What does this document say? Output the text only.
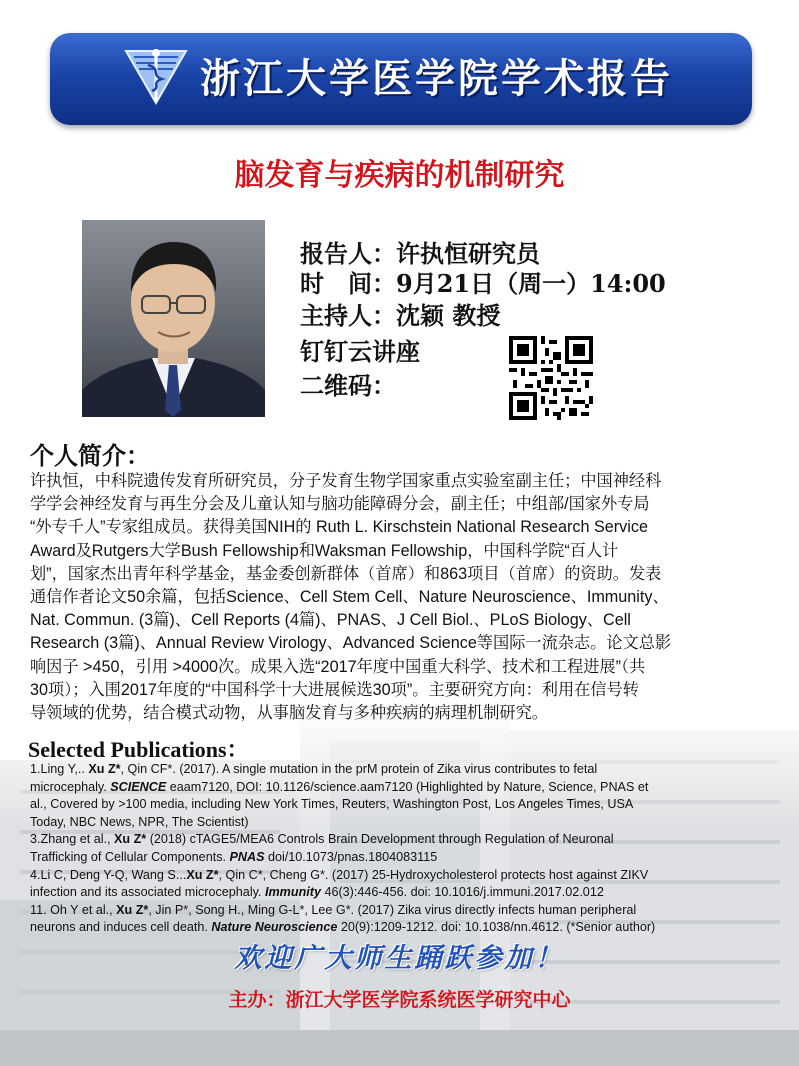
浙江大学医学院学术报告
脑发育与疾病的机制研究
报告人：许执恒研究员
时　间：9月21日（周一）14:00
主持人：沈颖 教授
钉钉云讲座
二维码：
个人简介：
许执恒，中科院遗传发育所研究员，分子发育生物学国家重点实验室副主任；中国神经科
学学会神经发育与再生分会及儿童认知与脑功能障碍分会，副主任；中组部/国家外专局
“外专千人”专家组成员。获得美国NIH的 Ruth L. Kirschstein National Research Service
Award及Rutgers大学Bush Fellowship和Waksman Fellowship，中国科学院“百人计
划”，国家杰出青年科学基金，基金委创新群体（首席）和863项目（首席）的资助。发表
通信作者论文50余篇，包括Science、Cell Stem Cell、Nature Neuroscience、Immunity、
Nat. Commun. (3篇)、Cell Reports (4篇)、PNAS、J Cell Biol.、PLoS Biology、Cell
Research (3篇)、Annual Review Virology、Advanced Science等国际一流杂志。论文总影
响因子 >450，引用 >4000次。成果入选“2017年度中国重大科学、技术和工程进展”（共
30项）；入围2017年度的“中国科学十大进展候选30项”。主要研究方向：利用在信号转
导领域的优势，结合模式动物，从事脑发育与多种疾病的病理机制研究。
Selected Publications：
1.Ling Y,.. Xu Z*, Qin CF*. (2017). A single mutation in the prM protein of Zika virus contributes to fetal
microcephaly. SCIENCE eaam7120, DOI: 10.1126/science.aam7120 (Highlighted by Nature, Science, PNAS et
al., Covered by >100 media, including New York Times, Reuters, Washington Post, Los Angeles Times, USA
Today, NBC News, NPR, The Scientist)
3.Zhang et al., Xu Z* (2018) cTAGE5/MEA6 Controls Brain Development through Regulation of Neuronal
Trafficking of Cellular Components. PNAS doi/10.1073/pnas.1804083115
4.Li C, Deng Y-Q, Wang S...Xu Z*, Qin C*, Cheng G*. (2017) 25-Hydroxycholesterol protects host against ZIKV
infection and its associated microcephaly. Immunity 46(3):446-456. doi: 10.1016/j.immuni.2017.02.012
11. Oh Y et al., Xu Z*, Jin P*, Song H., Ming G-L*, Lee G*. (2017) Zika virus directly infects human peripheral
neurons and induces cell death. Nature Neuroscience 20(9):1209-1212. doi: 10.1038/nn.4612. (*Senior author)
欢迎广大师生踊跃参加！
主办：浙江大学医学院系统医学研究中心
